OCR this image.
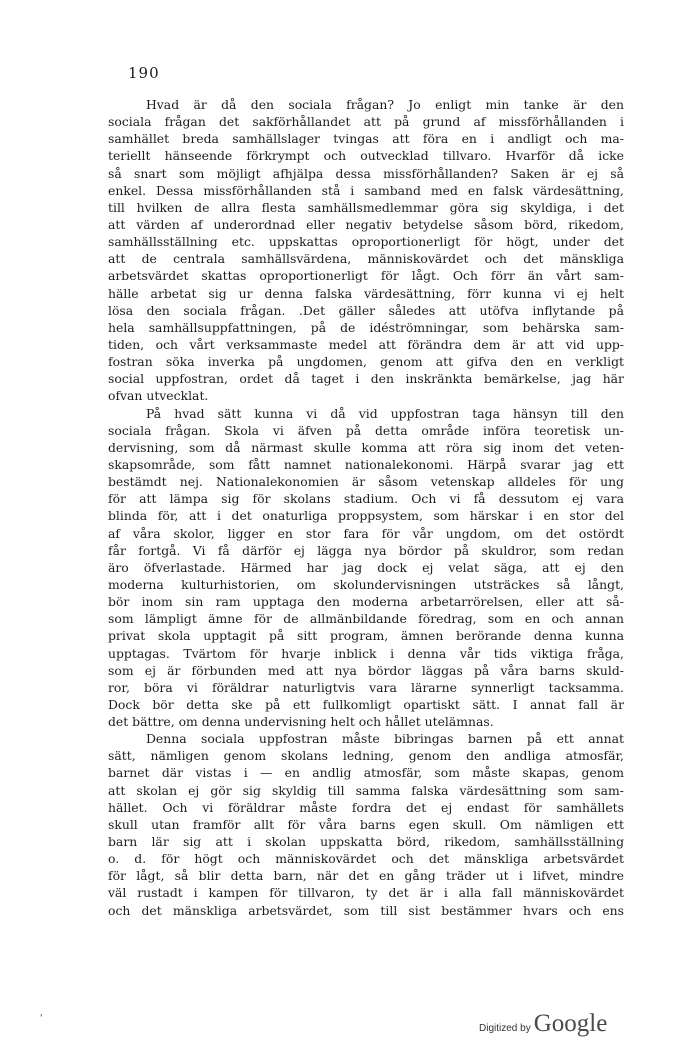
190
Hvad är då den sociala frågan? Jo enligt min tanke är den
sociala frågan det sakförhållandet att på grund af missförhållanden i
samhället breda samhällslager tvingas att föra en i andligt och ma-
teriellt hänseende förkrympt och outvecklad tillvaro. Hvarför då icke
så snart som möjligt afhjälpa dessa missförhållanden? Saken är ej så
enkel. Dessa missförhållanden stå i samband med en falsk värdesättning,
till hvilken de allra flesta samhällsmedlemmar göra sig skyldiga, i det
att värden af underordnad eller negativ betydelse såsom börd, rikedom,
samhällsställning etc. uppskattas oproportionerligt för högt, under det
att de centrala samhällsvärdena, människovärdet och det mänskliga
arbetsvärdet skattas oproportionerligt för lågt. Och förr än vårt sam-
hälle arbetat sig ur denna falska värdesättning, förr kunna vi ej helt
lösa den sociala frågan. .Det gäller således att utöfva inflytande på
hela samhällsuppfattningen, på de idéströmningar, som behärska sam-
tiden, och vårt verksammaste medel att förändra dem är att vid upp-
fostran söka inverka på ungdomen, genom att gifva den en verkligt
social uppfostran, ordet då taget i den inskränkta bemärkelse, jag här
ofvan utvecklat.
På hvad sätt kunna vi då vid uppfostran taga hänsyn till den
sociala frågan. Skola vi äfven på detta område införa teoretisk un-
dervisning, som då närmast skulle komma att röra sig inom det veten-
skapsområde, som fått namnet nationalekonomi. Härpå svarar jag ett
bestämdt nej. Nationalekonomien är såsom vetenskap alldeles för ung
för att lämpa sig för skolans stadium. Och vi få dessutom ej vara
blinda för, att i det onaturliga proppsystem, som härskar i en stor del
af våra skolor, ligger en stor fara för vår ungdom, om det ostördt
får fortgå. Vi få därför ej lägga nya bördor på skuldror, som redan
äro öfverlastade. Härmed har jag dock ej velat säga, att ej den
moderna kulturhistorien, om skolundervisningen utsträckes så långt,
bör inom sin ram upptaga den moderna arbetarrörelsen, eller att så-
som lämpligt ämne för de allmänbildande föredrag, som en och annan
privat skola upptagit på sitt program, ämnen berörande denna kunna
upptagas. Tvärtom för hvarje inblick i denna vår tids viktiga fråga,
som ej är förbunden med att nya bördor läggas på våra barns skuld-
ror, böra vi föräldrar naturligtvis vara lärarne synnerligt tacksamma.
Dock bör detta ske på ett fullkomligt opartiskt sätt. I annat fall är
det bättre, om denna undervisning helt och hållet utelämnas.
Denna sociala uppfostran måste bibringas barnen på ett annat
sätt, nämligen genom skolans ledning, genom den andliga atmosfär,
barnet där vistas i — en andlig atmosfär, som måste skapas, genom
att skolan ej gör sig skyldig till samma falska värdesättning som sam-
hället. Och vi föräldrar måste fordra det ej endast för samhällets
skull utan framför allt för våra barns egen skull. Om nämligen ett
barn lär sig att i skolan uppskatta börd, rikedom, samhällsställning
o. d. för högt och människovärdet och det mänskliga arbetsvärdet
för lågt, så blir detta barn, när det en gång träder ut i lifvet, mindre
väl rustadt i kampen för tillvaron, ty det är i alla fall människovärdet
och det mänskliga arbetsvärdet, som till sist bestämmer hvars och ens
'
Digitized by Google
